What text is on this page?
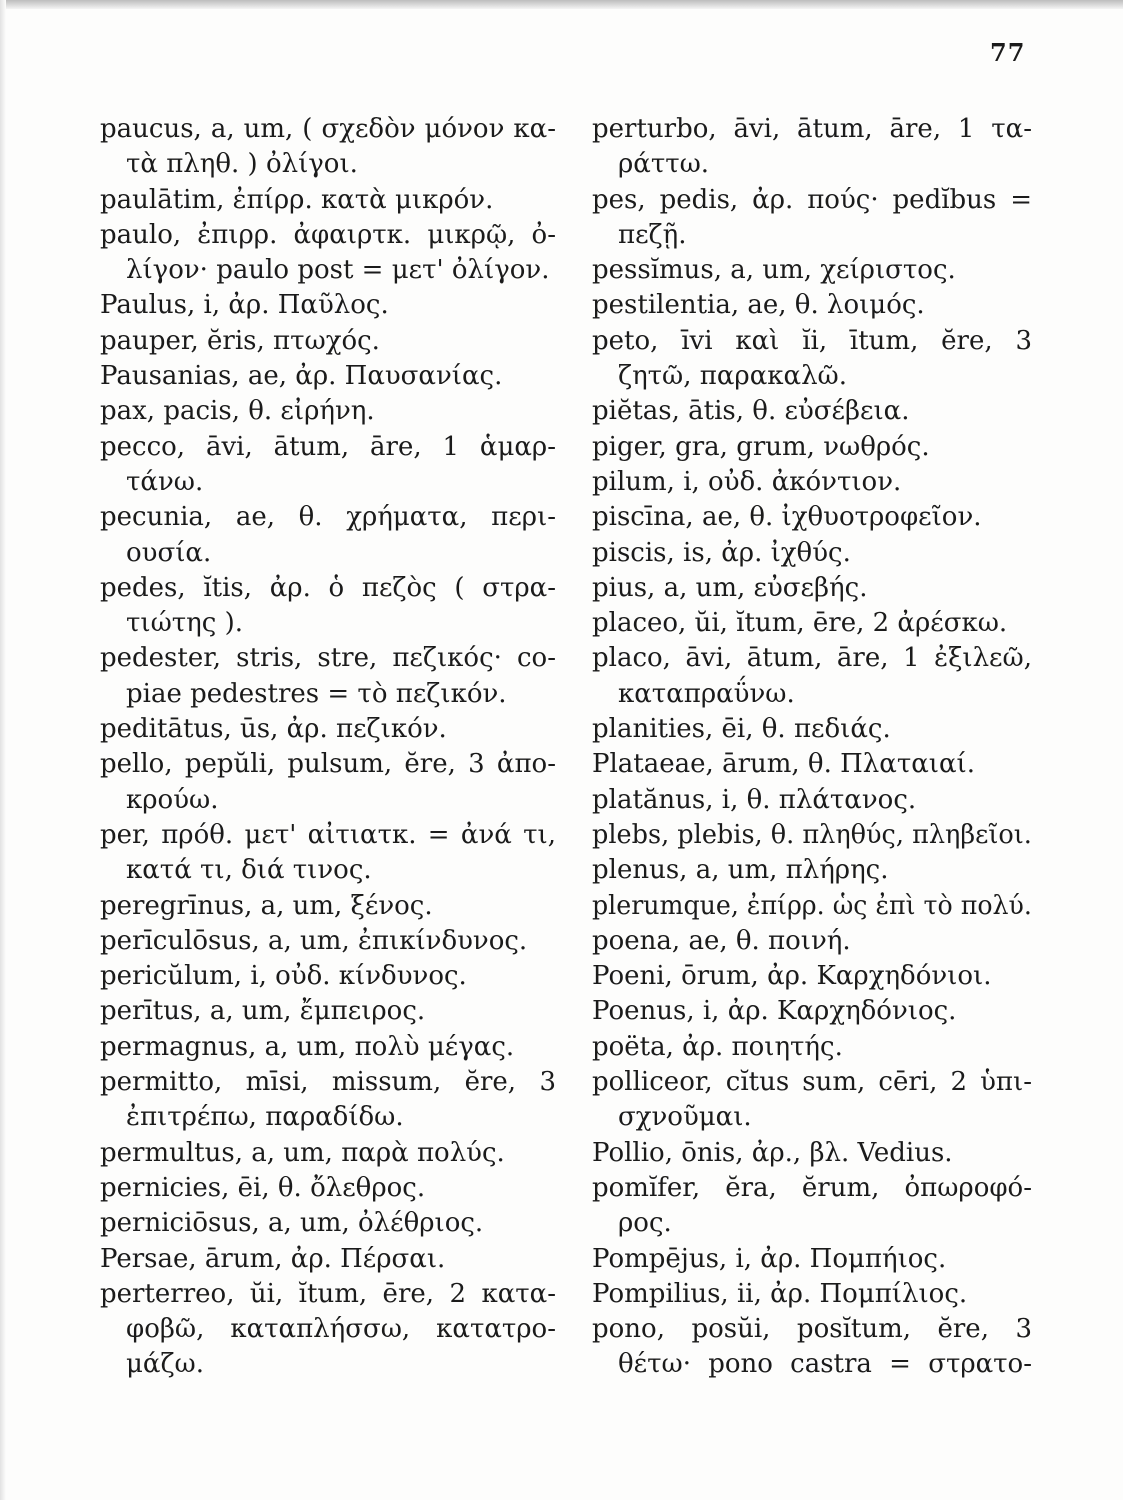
77
paucus, a, um, ( σχεδὸν μόνον κα-
τὰ πληθ. ) ὀλίγοι.
paulātim, ἐπίρρ. κατὰ μικρόν.
paulo, ἐπιρρ. ἀφαιρτκ. μικρῷ, ὀ-
λίγον· paulo post = μετ' ὀλίγον.
Paulus, i, ἀρ. Παῦλος.
pauper, ĕris, πτωχός.
Pausanias, ae, ἀρ. Παυσανίας.
pax, pacis, θ. εἰρήνη.
pecco, āvi, ātum, āre, 1 ἁμαρ-
τάνω.
pecunia, ae, θ. χρήματα, περι-
ουσία.
pedes, ĭtis, ἀρ. ὁ πεζὸς ( στρα-
τιώτης ).
pedester, stris, stre, πεζικός· co-
piae pedestres = τὸ πεζικόν.
peditātus, ūs, ἀρ. πεζικόν.
pello, pepŭli, pulsum, ĕre, 3 ἀπο-
κρούω.
per, πρόθ. μετ' αἰτιατκ. = ἀνά τι,
κατά τι, διά τινος.
peregrīnus, a, um, ξένος.
perīculōsus, a, um, ἐπικίνδυνος.
pericŭlum, i, οὐδ. κίνδυνος.
perītus, a, um, ἔμπειρος.
permagnus, a, um, πολὺ μέγας.
permitto, mīsi, missum, ĕre, 3
ἐπιτρέπω, παραδίδω.
permultus, a, um, παρὰ πολύς.
pernicies, ēi, θ. ὄλεθρος.
perniciōsus, a, um, ὀλέθριος.
Persae, ārum, ἀρ. Πέρσαι.
perterreo, ŭi, ĭtum, ēre, 2 κατα-
φοβῶ, καταπλήσσω, κατατρο-
μάζω.
perturbo, āvi, ātum, āre, 1 τα-
ράττω.
pes, pedis, ἀρ. πούς· pedĭbus =
πεζῇ.
pessĭmus, a, um, χείριστος.
pestilentia, ae, θ. λοιμός.
peto, īvi καὶ ĭi, ītum, ĕre, 3
ζητῶ, παρακαλῶ.
piĕtas, ātis, θ. εὐσέβεια.
piger, gra, grum, νωθρός.
pilum, i, οὐδ. ἀκόντιον.
piscīna, ae, θ. ἰχθυοτροφεῖον.
piscis, is, ἀρ. ἰχθύς.
pius, a, um, εὐσεβής.
placeo, ŭi, ĭtum, ēre, 2 ἀρέσκω.
placo, āvi, ātum, āre, 1 ἐξιλεῶ,
καταπραΰνω.
planities, ēi, θ. πεδιάς.
Plataeae, ārum, θ. Πλαταιαί.
platănus, i, θ. πλάτανος.
plebs, plebis, θ. πληθύς, πληβεῖοι.
plenus, a, um, πλήρης.
plerumque, ἐπίρρ. ὡς ἐπὶ τὸ πολύ.
poena, ae, θ. ποινή.
Poeni, ōrum, ἀρ. Καρχηδόνιοι.
Poenus, i, ἀρ. Καρχηδόνιος.
poëta, ἀρ. ποιητής.
polliceor, cĭtus sum, cēri, 2 ὑπι-
σχνοῦμαι.
Pollio, ōnis, ἀρ., βλ. Vedius.
pomĭfer, ĕra, ĕrum, ὀπωροφό-
ρος.
Pompējus, i, ἀρ. Πομπήιος.
Pompilius, ii, ἀρ. Πομπίλιος.
pono, posŭi, posĭtum, ĕre, 3
θέτω· pono castra = στρατο-
